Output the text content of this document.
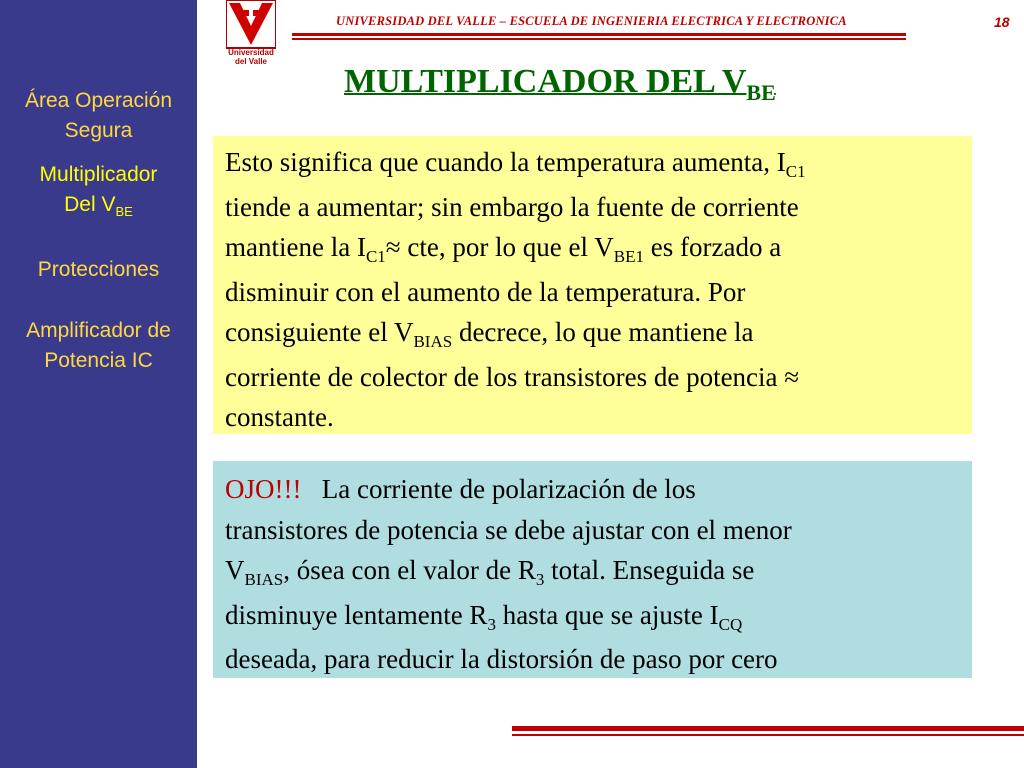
Área Operación
Segura
Multiplicador
Del $V_{BE}$
Protecciones
Amplificador de
Potencia IC
Universidad
del Valle
UNIVERSIDAD DEL VALLE – ESCUELA DE INGENIERIA ELECTRICA Y ELECTRONICA	18
MULTIPLICADOR DEL $V_{BE}$
Esto significa que cuando la temperatura aumenta, $I_{C1}$
tiende a aumentar; sin embargo la fuente de corriente
mantiene la $I_{C1}\approx$ cte, por lo que el $V_{BE1}$ es forzado a
disminuir con el aumento de la temperatura. Por
consiguiente el $V_{BIAS}$ decrece, lo que mantiene la
corriente de colector de los transistores de potencia ≈
constante.
OJO!!!   La corriente de polarización de los
transistores de potencia se debe ajustar con el menor
$V_{BIAS}$, ósea con el valor de $R_3$ total. Enseguida se
disminuye lentamente $R_3$ hasta que se ajuste $I_{CQ}$
deseada, para reducir la distorsión de paso por cero
